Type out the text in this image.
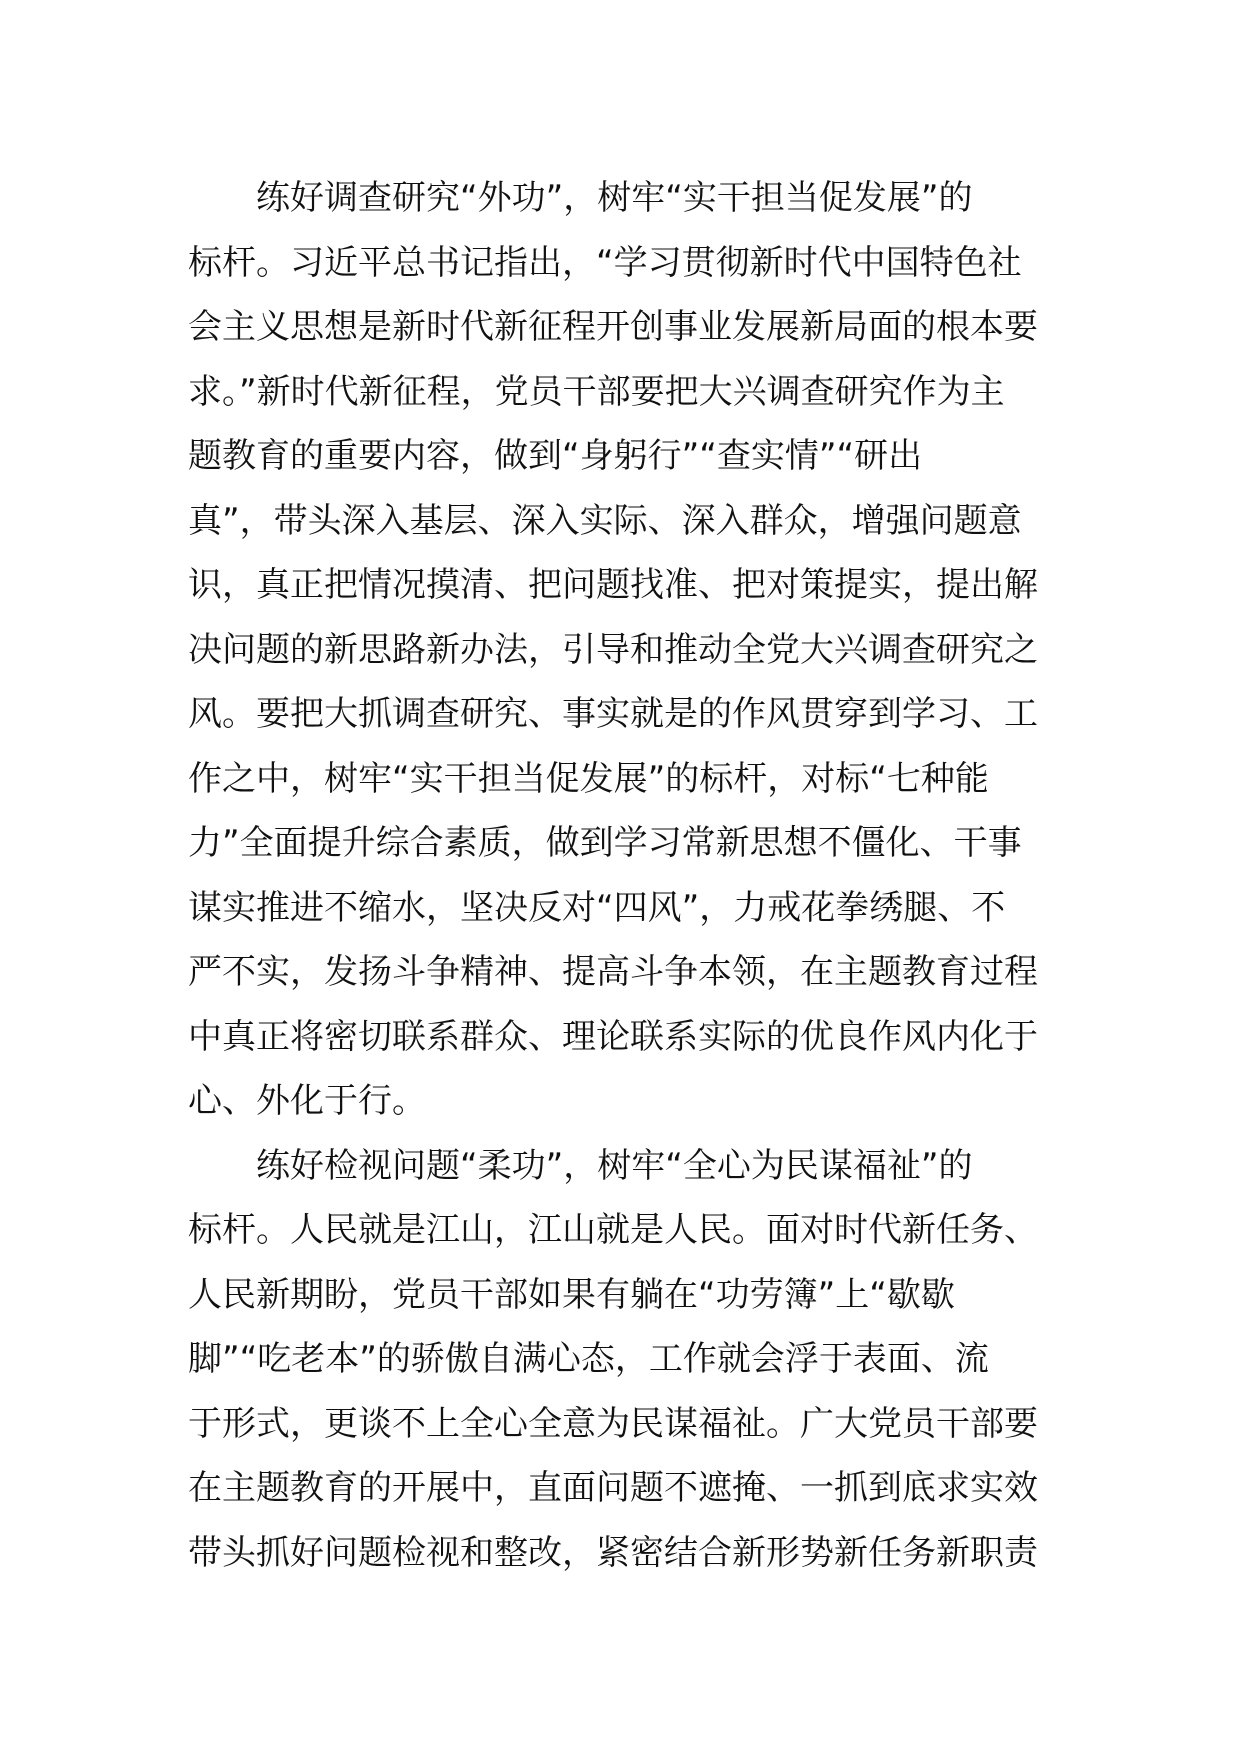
　　练好调查研究“外功”，树牢“实干担当促发展”的
标杆。习近平总书记指出，“学习贯彻新时代中国特色社
会主义思想是新时代新征程开创事业发展新局面的根本要
求。”新时代新征程，党员干部要把大兴调查研究作为主
题教育的重要内容，做到“身躬行”“查实情”“研出
真”，带头深入基层、深入实际、深入群众，增强问题意
识，真正把情况摸清、把问题找准、把对策提实，提出解
决问题的新思路新办法，引导和推动全党大兴调查研究之
风。要把大抓调查研究、事实就是的作风贯穿到学习、工
作之中，树牢“实干担当促发展”的标杆，对标“七种能
力”全面提升综合素质，做到学习常新思想不僵化、干事
谋实推进不缩水，坚决反对“四风”，力戒花拳绣腿、不
严不实，发扬斗争精神、提高斗争本领，在主题教育过程
中真正将密切联系群众、理论联系实际的优良作风内化于
心、外化于行。
　　练好检视问题“柔功”，树牢“全心为民谋福祉”的
标杆。人民就是江山，江山就是人民。面对时代新任务、
人民新期盼，党员干部如果有躺在“功劳簿”上“歇歇
脚”“吃老本”的骄傲自满心态，工作就会浮于表面、流
于形式，更谈不上全心全意为民谋福祉。广大党员干部要
在主题教育的开展中，直面问题不遮掩、一抓到底求实效
带头抓好问题检视和整改，紧密结合新形势新任务新职责
